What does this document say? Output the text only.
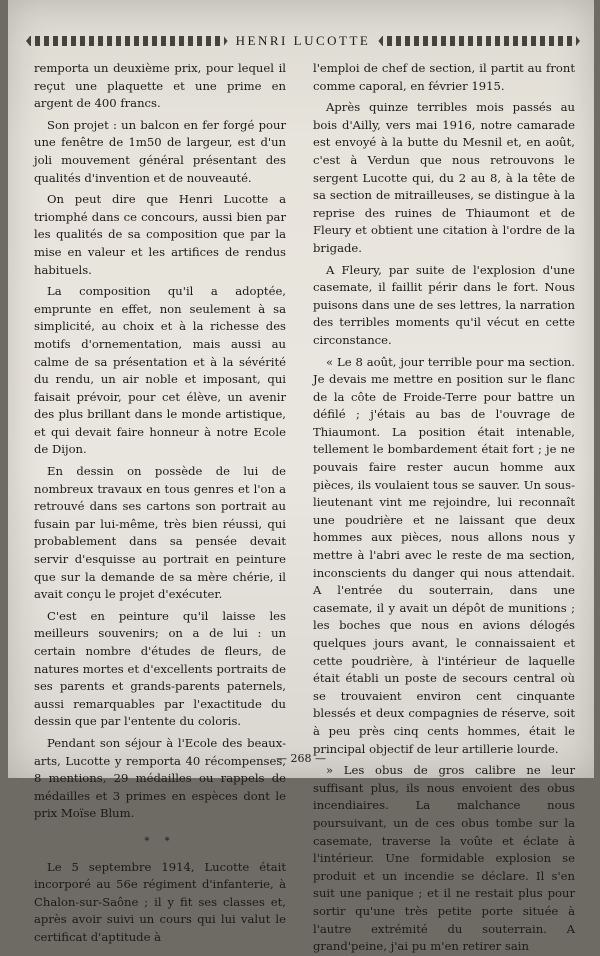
HENRI LUCOTTE

remporta un deuxième prix, pour lequel il reçut une plaquette et une prime en argent de 400 francs.

Son projet : un balcon en fer forgé pour une fenêtre de 1m50 de largeur, est d'un joli mouvement général présentant des qualités d'invention et de nouveauté.

On peut dire que Henri Lucotte a triomphé dans ce concours, aussi bien par les qualités de sa composition que par la mise en valeur et les artifices de rendus habituels.

La composition qu'il a adoptée, emprunte en effet, non seulement à sa simplicité, au choix et à la richesse des motifs d'ornementation, mais aussi au calme de sa présentation et à la sévérité du rendu, un air noble et imposant, qui faisait prévoir, pour cet élève, un avenir des plus brillant dans le monde artistique, et qui devait faire honneur à notre Ecole de Dijon.

En dessin on possède de lui de nombreux travaux en tous genres et l'on a retrouvé dans ses cartons son portrait au fusain par lui-même, très bien réussi, qui probablement dans sa pensée devait servir d'esquisse au portrait en peinture que sur la demande de sa mère chérie, il avait conçu le projet d'exécuter.

C'est en peinture qu'il laisse les meilleurs souvenirs; on a de lui : un certain nombre d'études de fleurs, de natures mortes et d'excellents portraits de ses parents et grands-parents paternels, aussi remarquables par l'exactitude du dessin que par l'entente du coloris.

Pendant son séjour à l'Ecole des beaux-arts, Lucotte y remporta 40 récompenses, 8 mentions, 29 médailles ou rappels de médailles et 3 primes en espèces dont le prix Moïse Blum.

* *

Le 5 septembre 1914, Lucotte était incorporé au 56e régiment d'infanterie, à Chalon-sur-Saône ; il y fit ses classes et, après avoir suivi un cours qui lui valut le certificat d'aptitude à

l'emploi de chef de section, il partit au front comme caporal, en février 1915.

Après quinze terribles mois passés au bois d'Ailly, vers mai 1916, notre camarade est envoyé à la butte du Mesnil et, en août, c'est à Verdun que nous retrouvons le sergent Lucotte qui, du 2 au 8, à la tête de sa section de mitrailleuses, se distingue à la reprise des ruines de Thiaumont et de Fleury et obtient une citation à l'ordre de la brigade.

A Fleury, par suite de l'explosion d'une casemate, il faillit périr dans le fort. Nous puisons dans une de ses lettres, la narration des terribles moments qu'il vécut en cette circonstance.

« Le 8 août, jour terrible pour ma section. Je devais me mettre en position sur le flanc de la côte de Froide-Terre pour battre un défilé ; j'étais au bas de l'ouvrage de Thiaumont. La position était intenable, tellement le bombardement était fort ; je ne pouvais faire rester aucun homme aux pièces, ils voulaient tous se sauver. Un sous-lieutenant vint me rejoindre, lui reconnaît une poudrière et ne laissant que deux hommes aux pièces, nous allons nous y mettre à l'abri avec le reste de ma section, inconscients du danger qui nous attendait. A l'entrée du souterrain, dans une casemate, il y avait un dépôt de munitions ; les boches que nous en avions délogés quelques jours avant, le connaissaient et cette poudrière, à l'intérieur de laquelle était établi un poste de secours central où se trouvaient environ cent cinquante blessés et deux compagnies de réserve, soit à peu près cinq cents hommes, était le principal objectif de leur artillerie lourde.

» Les obus de gros calibre ne leur suffisant plus, ils nous envoient des obus incendiaires. La malchance nous poursuivant, un de ces obus tombe sur la casemate, traverse la voûte et éclate à l'intérieur. Une formidable explosion se produit et un incendie se déclare. Il s'en suit une panique ; et il ne restait plus pour sortir qu'une très petite porte située à l'autre extrémité du souterrain. A grand'peine, j'ai pu m'en retirer sain

— 268 —
